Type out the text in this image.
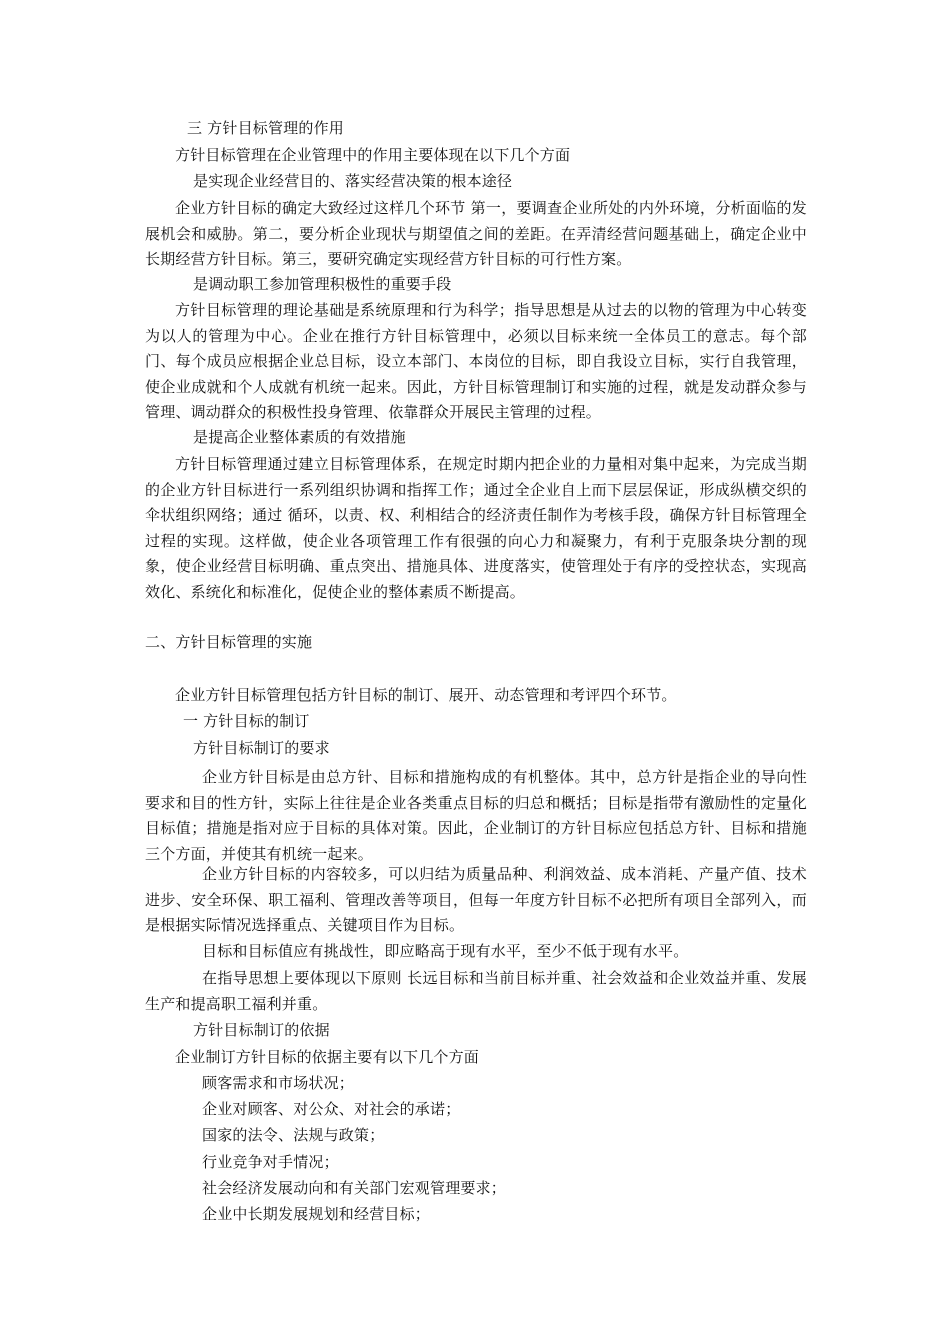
三 方针目标管理的作用
方针目标管理在企业管理中的作用主要体现在以下几个方面
是实现企业经营目的、落实经营决策的根本途径
企业方针目标的确定大致经过这样几个环节 第一，要调查企业所处的内外环境，分析面临的发展机会和威胁。第二，要分析企业现状与期望值之间的差距。在弄清经营问题基础上，确定企业中长期经营方针目标。第三，要研究确定实现经营方针目标的可行性方案。
是调动职工参加管理积极性的重要手段
方针目标管理的理论基础是系统原理和行为科学；指导思想是从过去的以物的管理为中心转变为以人的管理为中心。企业在推行方针目标管理中，必须以目标来统一全体员工的意志。每个部门、每个成员应根据企业总目标，设立本部门、本岗位的目标，即自我设立目标，实行自我管理，使企业成就和个人成就有机统一起来。因此，方针目标管理制订和实施的过程，就是发动群众参与管理、调动群众的积极性投身管理、依靠群众开展民主管理的过程。
是提高企业整体素质的有效措施
方针目标管理通过建立目标管理体系，在规定时期内把企业的力量相对集中起来，为完成当期的企业方针目标进行一系列组织协调和指挥工作；通过全企业自上而下层层保证，形成纵横交织的伞状组织网络；通过 循环，以责、权、利相结合的经济责任制作为考核手段，确保方针目标管理全过程的实现。这样做，使企业各项管理工作有很强的向心力和凝聚力，有利于克服条块分割的现象，使企业经营目标明确、重点突出、措施具体、进度落实，使管理处于有序的受控状态，实现高效化、系统化和标准化，促使企业的整体素质不断提高。
二、方针目标管理的实施
企业方针目标管理包括方针目标的制订、展开、动态管理和考评四个环节。
一 方针目标的制订
方针目标制订的要求
企业方针目标是由总方针、目标和措施构成的有机整体。其中，总方针是指企业的导向性要求和目的性方针，实际上往往是企业各类重点目标的归总和概括；目标是指带有激励性的定量化目标值；措施是指对应于目标的具体对策。因此，企业制订的方针目标应包括总方针、目标和措施三个方面，并使其有机统一起来。
企业方针目标的内容较多，可以归结为质量品种、利润效益、成本消耗、产量产值、技术进步、安全环保、职工福利、管理改善等项目，但每一年度方针目标不必把所有项目全部列入，而是根据实际情况选择重点、关键项目作为目标。
目标和目标值应有挑战性，即应略高于现有水平，至少不低于现有水平。
在指导思想上要体现以下原则 长远目标和当前目标并重、社会效益和企业效益并重、发展生产和提高职工福利并重。
方针目标制订的依据
企业制订方针目标的依据主要有以下几个方面
顾客需求和市场状况；
企业对顾客、对公众、对社会的承诺；
国家的法令、法规与政策；
行业竞争对手情况；
社会经济发展动向和有关部门宏观管理要求；
企业中长期发展规划和经营目标；
